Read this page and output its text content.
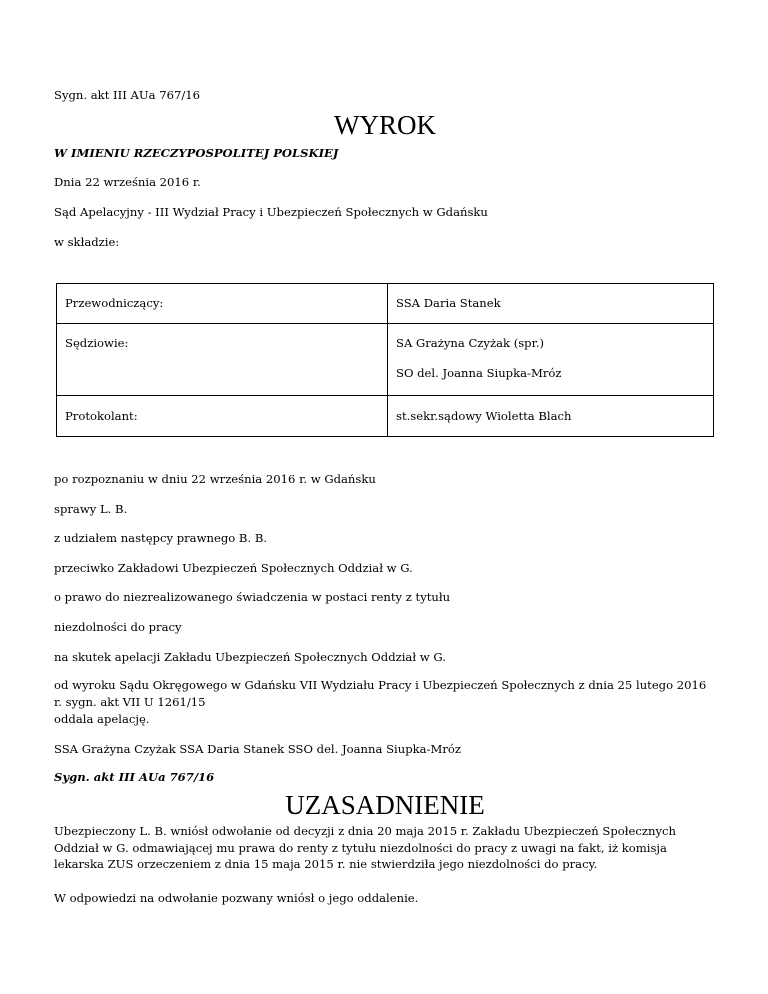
Sygn. akt III AUa 767/16
WYROK
W IMIENIU RZECZYPOSPOLITEJ POLSKIEJ
Dnia 22 września 2016 r.
Sąd Apelacyjny - III Wydział Pracy i Ubezpieczeń Społecznych w Gdańsku
w składzie:
Przewodniczący:	SSA Daria Stanek

Sędziowie:	SA Grażyna Czyżak (spr.)
SO del. Joanna Siupka-Mróz

Protokolant:	st.sekr.sądowy Wioletta Blach
po rozpoznaniu w dniu 22 września 2016 r. w Gdańsku
sprawy L. B.
z udziałem następcy prawnego B. B.
przeciwko Zakładowi Ubezpieczeń Społecznych Oddział w G.
o prawo do niezrealizowanego świadczenia w postaci renty z tytułu
niezdolności do pracy
na skutek apelacji Zakładu Ubezpieczeń Społecznych Oddział w G.
od wyroku Sądu Okręgowego w Gdańsku VII Wydziału Pracy i Ubezpieczeń Społecznych z dnia 25 lutego 2016 r. sygn. akt VII U 1261/15
oddala apelację.
SSA Grażyna Czyżak SSA Daria Stanek SSO del. Joanna Siupka-Mróz
Sygn. akt III AUa 767/16
UZASADNIENIE
Ubezpieczony L. B. wniósł odwołanie od decyzji z dnia 20 maja 2015 r. Zakładu Ubezpieczeń Społecznych Oddział w G. odmawiającej mu prawa do renty z tytułu niezdolności do pracy z uwagi na fakt, iż komisja lekarska ZUS orzeczeniem z dnia 15 maja 2015 r. nie stwierdziła jego niezdolności do pracy.
W odpowiedzi na odwołanie pozwany wniósł o jego oddalenie.
